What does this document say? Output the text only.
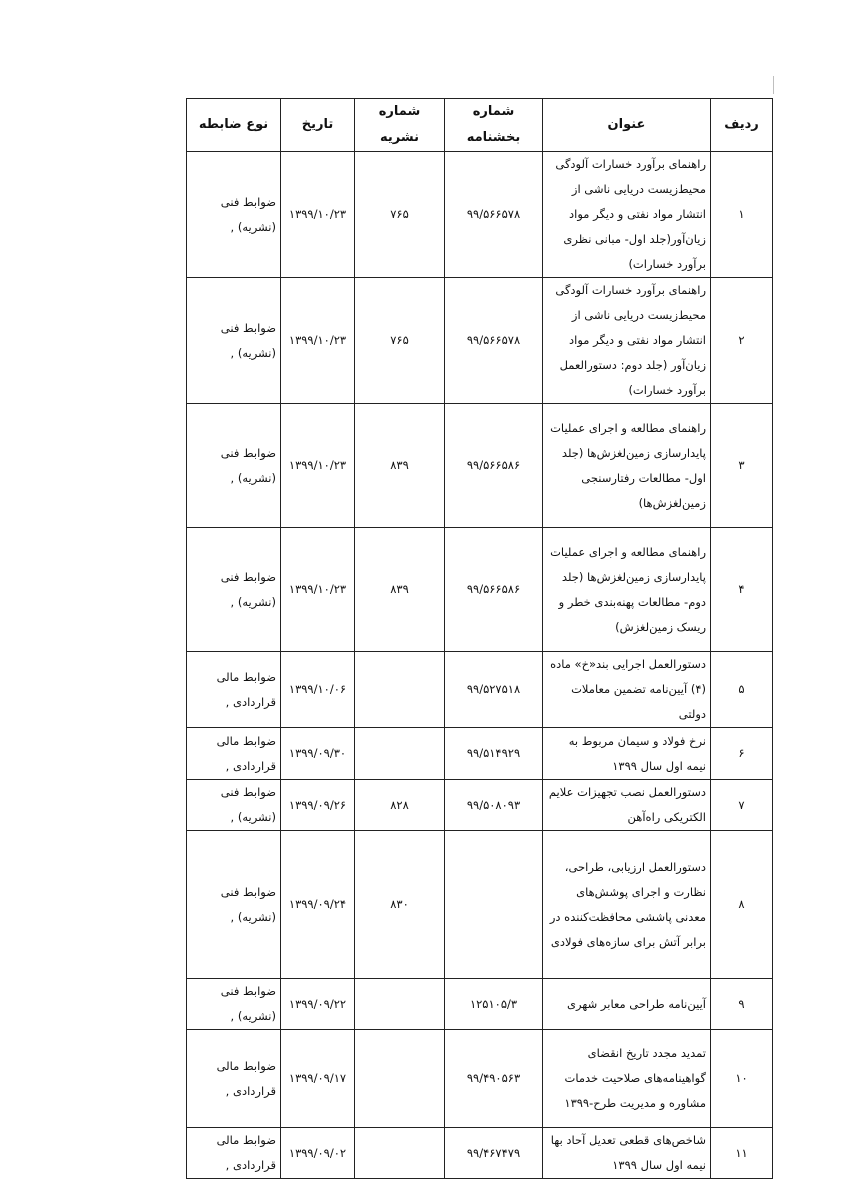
ردیف	عنوان	شماره بخشنامه	شماره نشریه	تاریخ	نوع ضابطه
۱	راهنمای برآورد خسارات آلودگی محیط‌زیست دریایی ناشی از انتشار مواد نفتی و دیگر مواد زیان‌آور(جلد اول- مبانی نظری برآورد خسارات)	۹۹/۵۶۶۵۷۸	۷۶۵	۱۳۹۹/۱۰/۲۳	ضوابط فنی (نشریه) ,
۲	راهنمای برآورد خسارات آلودگی محیط‌زیست دریایی ناشی از انتشار مواد نفتی و دیگر مواد زیان‌آور (جلد دوم: دستورالعمل برآورد خسارات)	۹۹/۵۶۶۵۷۸	۷۶۵	۱۳۹۹/۱۰/۲۳	ضوابط فنی (نشریه) ,
۳	راهنمای مطالعه و اجرای عملیات پایدارسازی زمین‌لغزش‌ها (جلد اول- مطالعات رفتارسنجی زمین‌لغزش‌ها)	۹۹/۵۶۶۵۸۶	۸۳۹	۱۳۹۹/۱۰/۲۳	ضوابط فنی (نشریه) ,
۴	راهنمای مطالعه و اجرای عملیات پایدارسازی زمین‌لغزش‌ها (جلد دوم- مطالعات پهنه‌بندی خطر و ریسک زمین‌لغزش)	۹۹/۵۶۶۵۸۶	۸۳۹	۱۳۹۹/۱۰/۲۳	ضوابط فنی (نشریه) ,
۵	دستورالعمل اجرایی بند«خ» ماده (۴) آیین‌نامه تضمین معاملات دولتی	۹۹/۵۲۷۵۱۸		۱۳۹۹/۱۰/۰۶	ضوابط مالی قراردادی ,
۶	نرخ فولاد و سیمان مربوط به نیمه اول سال ۱۳۹۹	۹۹/۵۱۴۹۲۹		۱۳۹۹/۰۹/۳۰	ضوابط مالی قراردادی ,
۷	دستورالعمل نصب تجهیزات علایم الکتریکی راه‌آهن	۹۹/۵۰۸۰۹۳	۸۲۸	۱۳۹۹/۰۹/۲۶	ضوابط فنی (نشریه) ,
۸	دستورالعمل ارزیابی، طراحی، نظارت و اجرای پوشش‌های معدنی پاششی محافظت‌کننده در برابر آتش برای سازه‌های فولادی		۸۳۰	۱۳۹۹/۰۹/۲۴	ضوابط فنی (نشریه) ,
۹	آیین‌نامه طراحی معابر شهری	۱۲۵۱۰۵/۳		۱۳۹۹/۰۹/۲۲	ضوابط فنی (نشریه) ,
۱۰	تمدید مجدد تاریخ انقضای گواهینامه‌های صلاحیت خدمات مشاوره و مدیریت طرح-۱۳۹۹	۹۹/۴۹۰۵۶۳		۱۳۹۹/۰۹/۱۷	ضوابط مالی قراردادی ,
۱۱	شاخص‌های قطعی تعدیل آحاد بها نیمه اول سال ۱۳۹۹	۹۹/۴۶۷۴۷۹		۱۳۹۹/۰۹/۰۲	ضوابط مالی قراردادی ,
